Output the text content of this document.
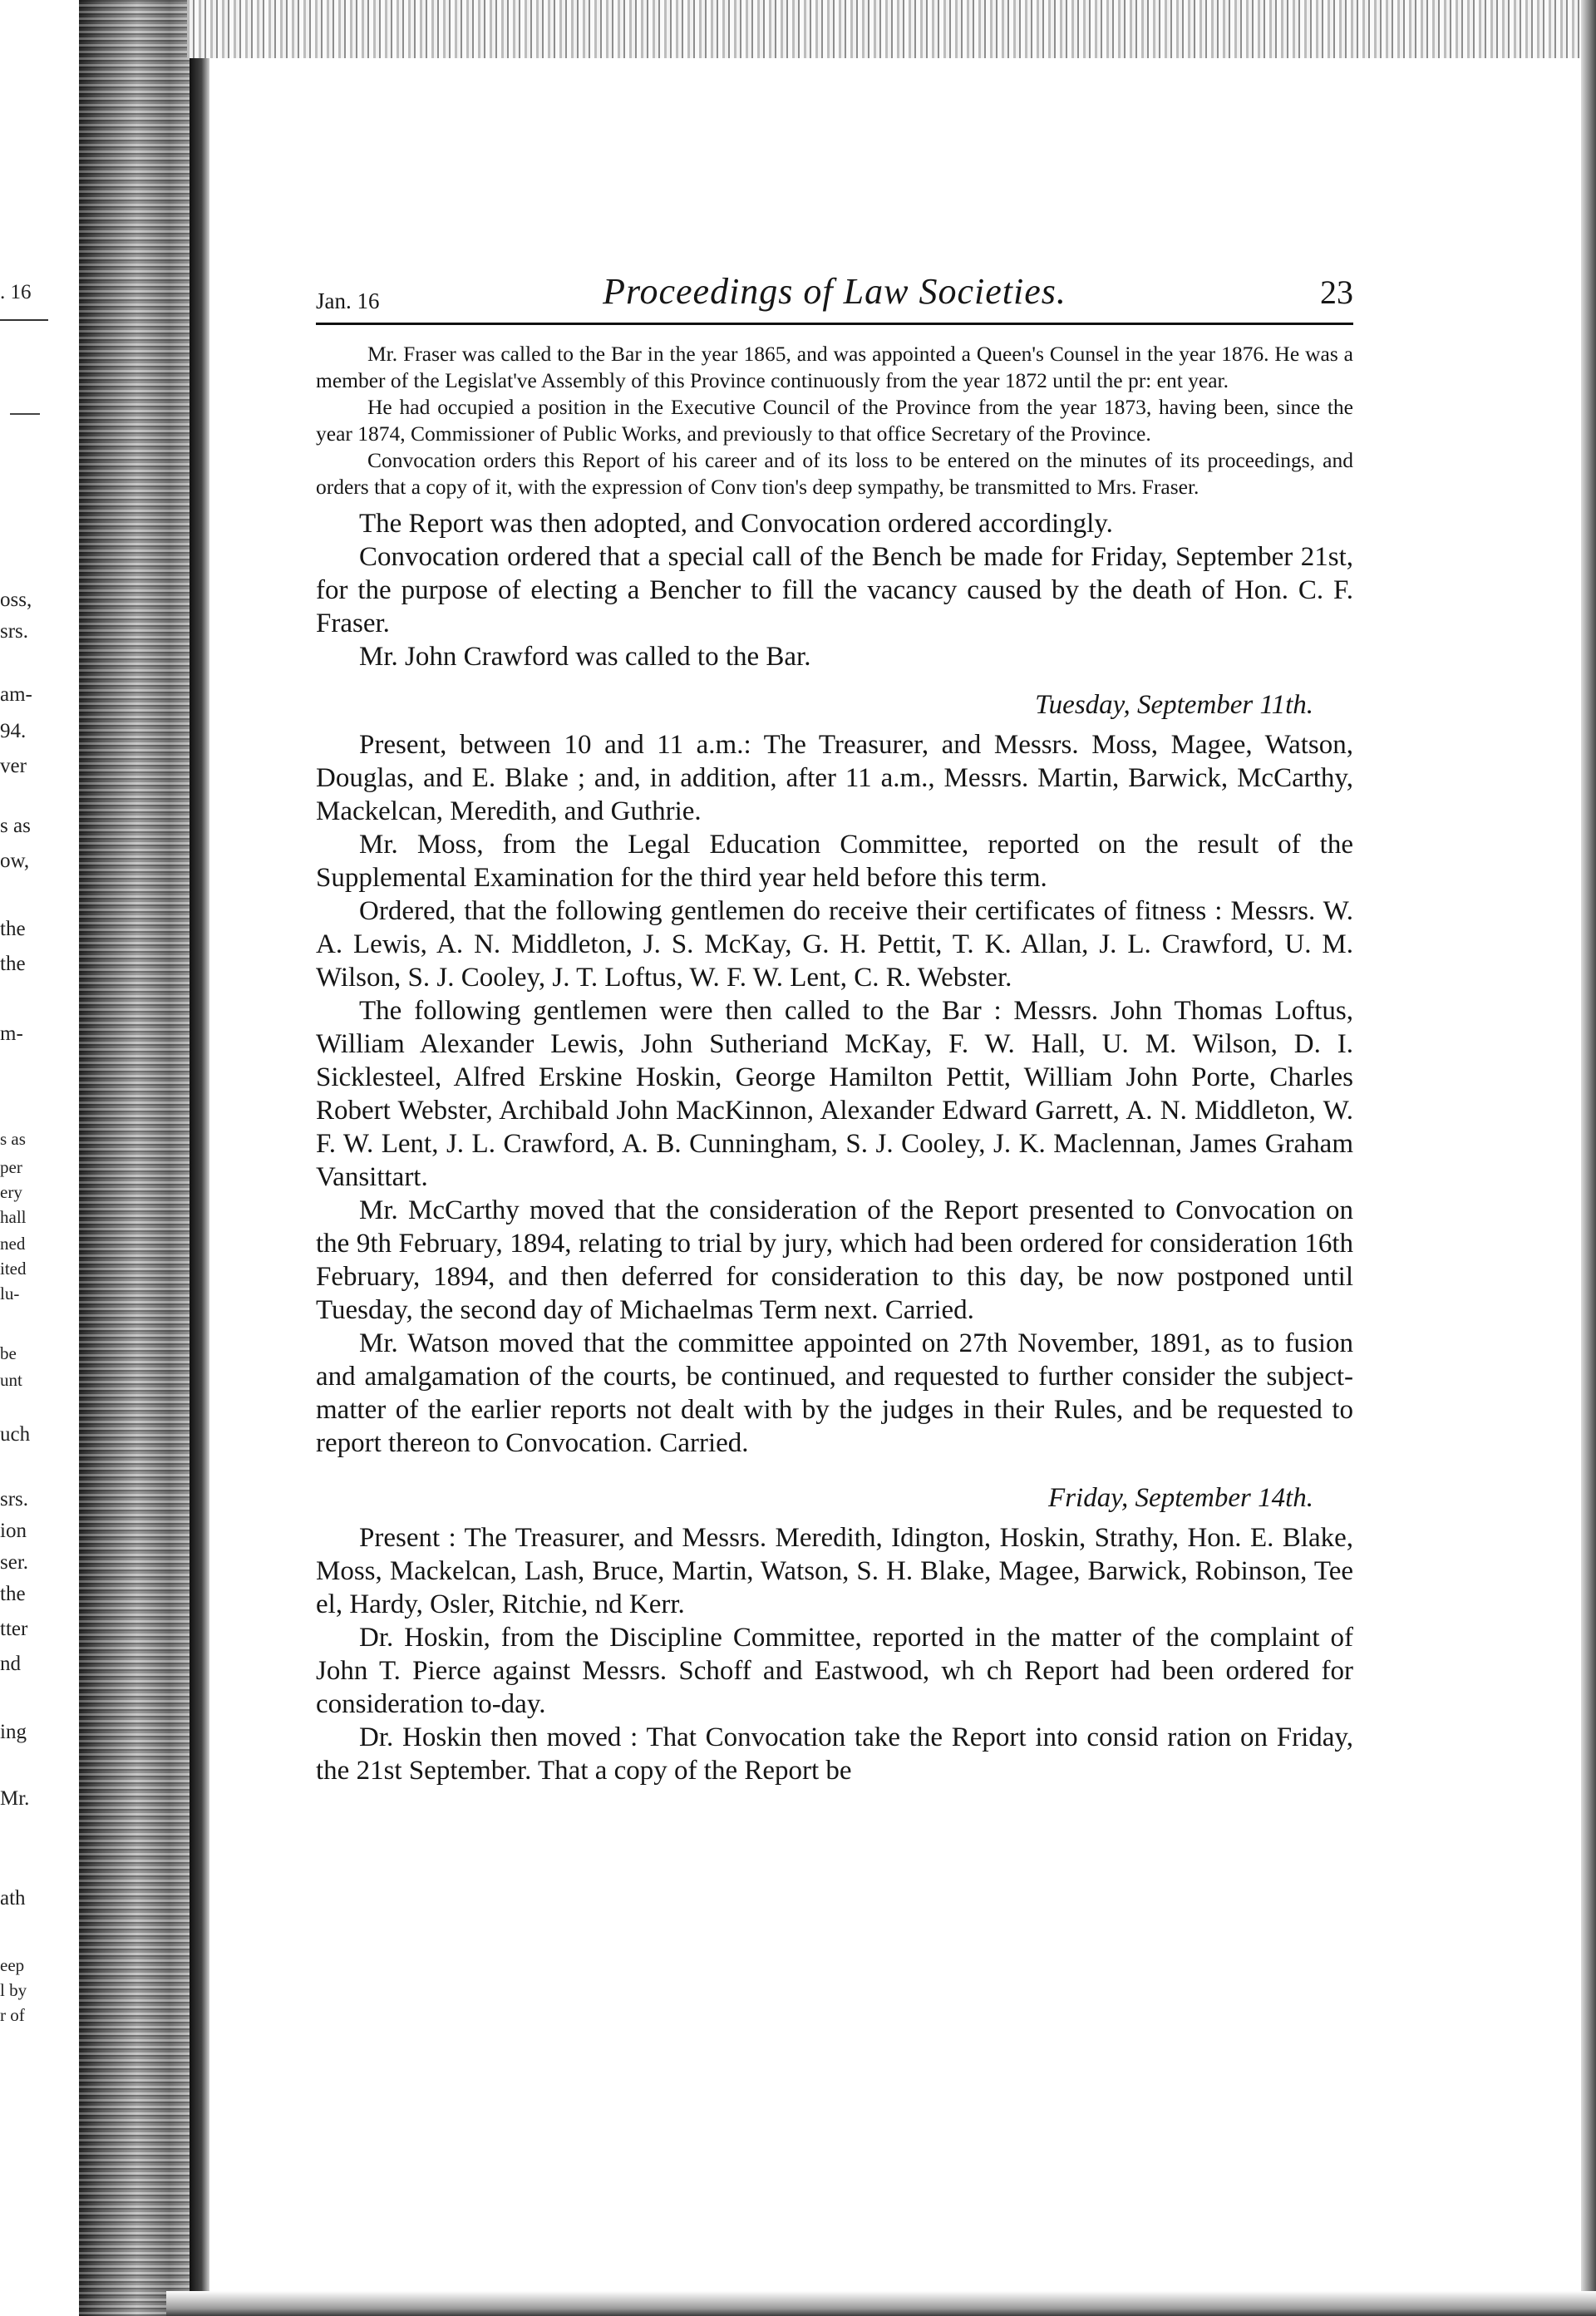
. 16
oss,
srs.
am-
94.
ver
s as
ow,
the
the
m-
s as
per
ery
hall
ned
ited
lu-
be
unt
uch
srs.
ion
ser.
the
tter
nd
ing
Mr.
ath
eep
l by
r of
Jan. 16	Proceedings of Law Societies.	23

Mr. Fraser was called to the Bar in the year 1865, and was appointed a Queen's Counsel in the year 1876. He was a member of the Legislat've Assembly of this Province continuously from the year 1872 until the pr: ent year.

He had occupied a position in the Executive Council of the Province from the year 1873, having been, since the year 1874, Commissioner of Public Works, and previously to that office Secretary of the Province.

Convocation orders this Report of his career and of its loss to be entered on the minutes of its proceedings, and orders that a copy of it, with the expression of Conv tion's deep sympathy, be transmitted to Mrs. Fraser.

The Report was then adopted, and Convocation ordered accordingly.

Convocation ordered that a special call of the Bench be made for Friday, September 21st, for the purpose of electing a Bencher to fill the vacancy caused by the death of Hon. C. F. Fraser.

Mr. John Crawford was called to the Bar.

Tuesday, September 11th.

Present, between 10 and 11 a.m.: The Treasurer, and Messrs. Moss, Magee, Watson, Douglas, and E. Blake ; and, in addition, after 11 a.m., Messrs. Martin, Barwick, McCarthy, Mackelcan, Meredith, and Guthrie.

Mr. Moss, from the Legal Education Committee, reported on the result of the Supplemental Examination for the third year held before this term.

Ordered, that the following gentlemen do receive their certificates of fitness : Messrs. W. A. Lewis, A. N. Middleton, J. S. McKay, G. H. Pettit, T. K. Allan, J. L. Crawford, U. M. Wilson, S. J. Cooley, J. T. Loftus, W. F. W. Lent, C. R. Webster.

The following gentlemen were then called to the Bar : Messrs. John Thomas Loftus, William Alexander Lewis, John Sutheriand McKay, F. W. Hall, U. M. Wilson, D. I. Sicklesteel, Alfred Erskine Hoskin, George Hamilton Pettit, William John Porte, Charles Robert Webster, Archibald John MacKinnon, Alexander Edward Garrett, A. N. Middleton, W. F. W. Lent, J. L. Crawford, A. B. Cunningham, S. J. Cooley, J. K. Maclennan, James Graham Vansittart.

Mr. McCarthy moved that the consideration of the Report presented to Convocation on the 9th February, 1894, relating to trial by jury, which had been ordered for consideration 16th February, 1894, and then deferred for consideration to this day, be now postponed until Tuesday, the second day of Michaelmas Term next. Carried.

Mr. Watson moved that the committee appointed on 27th November, 1891, as to fusion and amalgamation of the courts, be continued, and requested to further consider the subject-matter of the earlier reports not dealt with by the judges in their Rules, and be requested to report thereon to Convocation. Carried.

Friday, September 14th.

Present : The Treasurer, and Messrs. Meredith, Idington, Hoskin, Strathy, Hon. E. Blake, Moss, Mackelcan, Lash, Bruce, Martin, Watson, S. H. Blake, Magee, Barwick, Robinson, Tee el, Hardy, Osler, Ritchie, nd Kerr.

Dr. Hoskin, from the Discipline Committee, reported in the matter of the complaint of John T. Pierce against Messrs. Schoff and Eastwood, wh ch Report had been ordered for consideration to-day.

Dr. Hoskin then moved : That Convocation take the Report into consid ration on Friday, the 21st September. That a copy of the Report be
